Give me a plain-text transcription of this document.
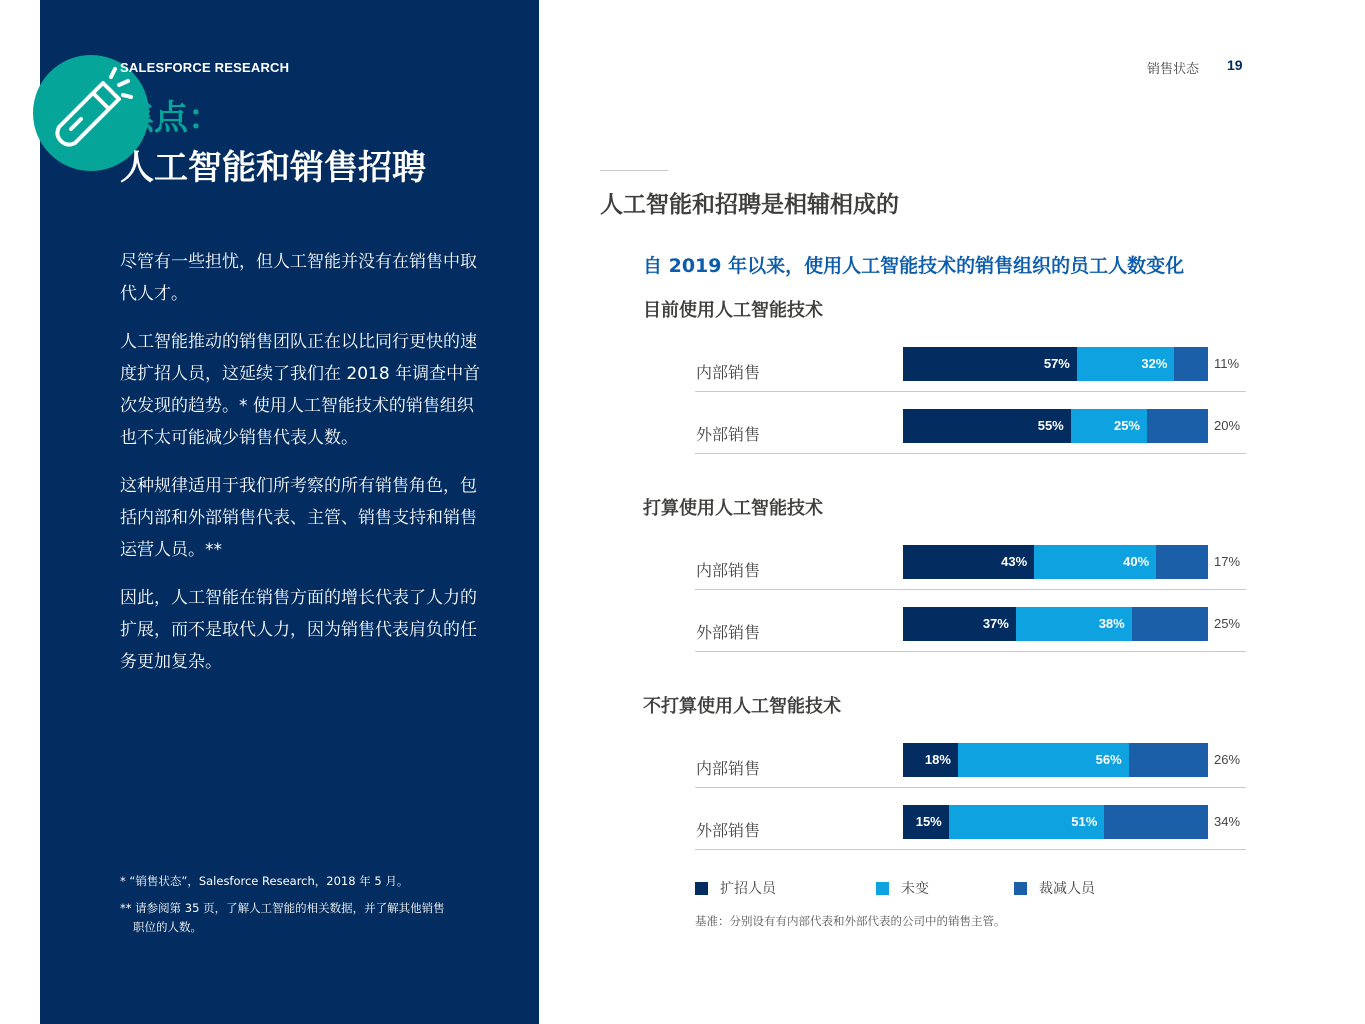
SALESFORCE RESEARCH
焦点：
人工智能和销售招聘

尽管有一些担忧，但人工智能并没有在销售中取代人才。

人工智能推动的销售团队正在以比同行更快的速度扩招人员，这延续了我们在 2018 年调查中首次发现的趋势。* 使用人工智能技术的销售组织也不太可能减少销售代表人数。

这种规律适用于我们所考察的所有销售角色，包括内部和外部销售代表、主管、销售支持和销售运营人员。**

因此，人工智能在销售方面的增长代表了人力的扩展，而不是取代人力，因为销售代表肩负的任务更加复杂。

* “销售状态”，Salesforce Research，2018 年 5 月。

** 请参阅第 35 页，了解人工智能的相关数据，并了解其他销售职位的人数。

销售状态 19
人工智能和招聘是相辅相成的
自 2019 年以来，使用人工智能技术的销售组织的员工人数变化
目前使用人工智能技术
内部销售	57%	32%	11%
外部销售	55%	25%	20%
打算使用人工智能技术
内部销售	43%	40%	17%
外部销售	37%	38%	25%
不打算使用人工智能技术
内部销售	18%	56%	26%
外部销售	15%	51%	34%
扩招人员	未变	裁减人员
基准：分别设有有内部代表和外部代表的公司中的销售主管。
